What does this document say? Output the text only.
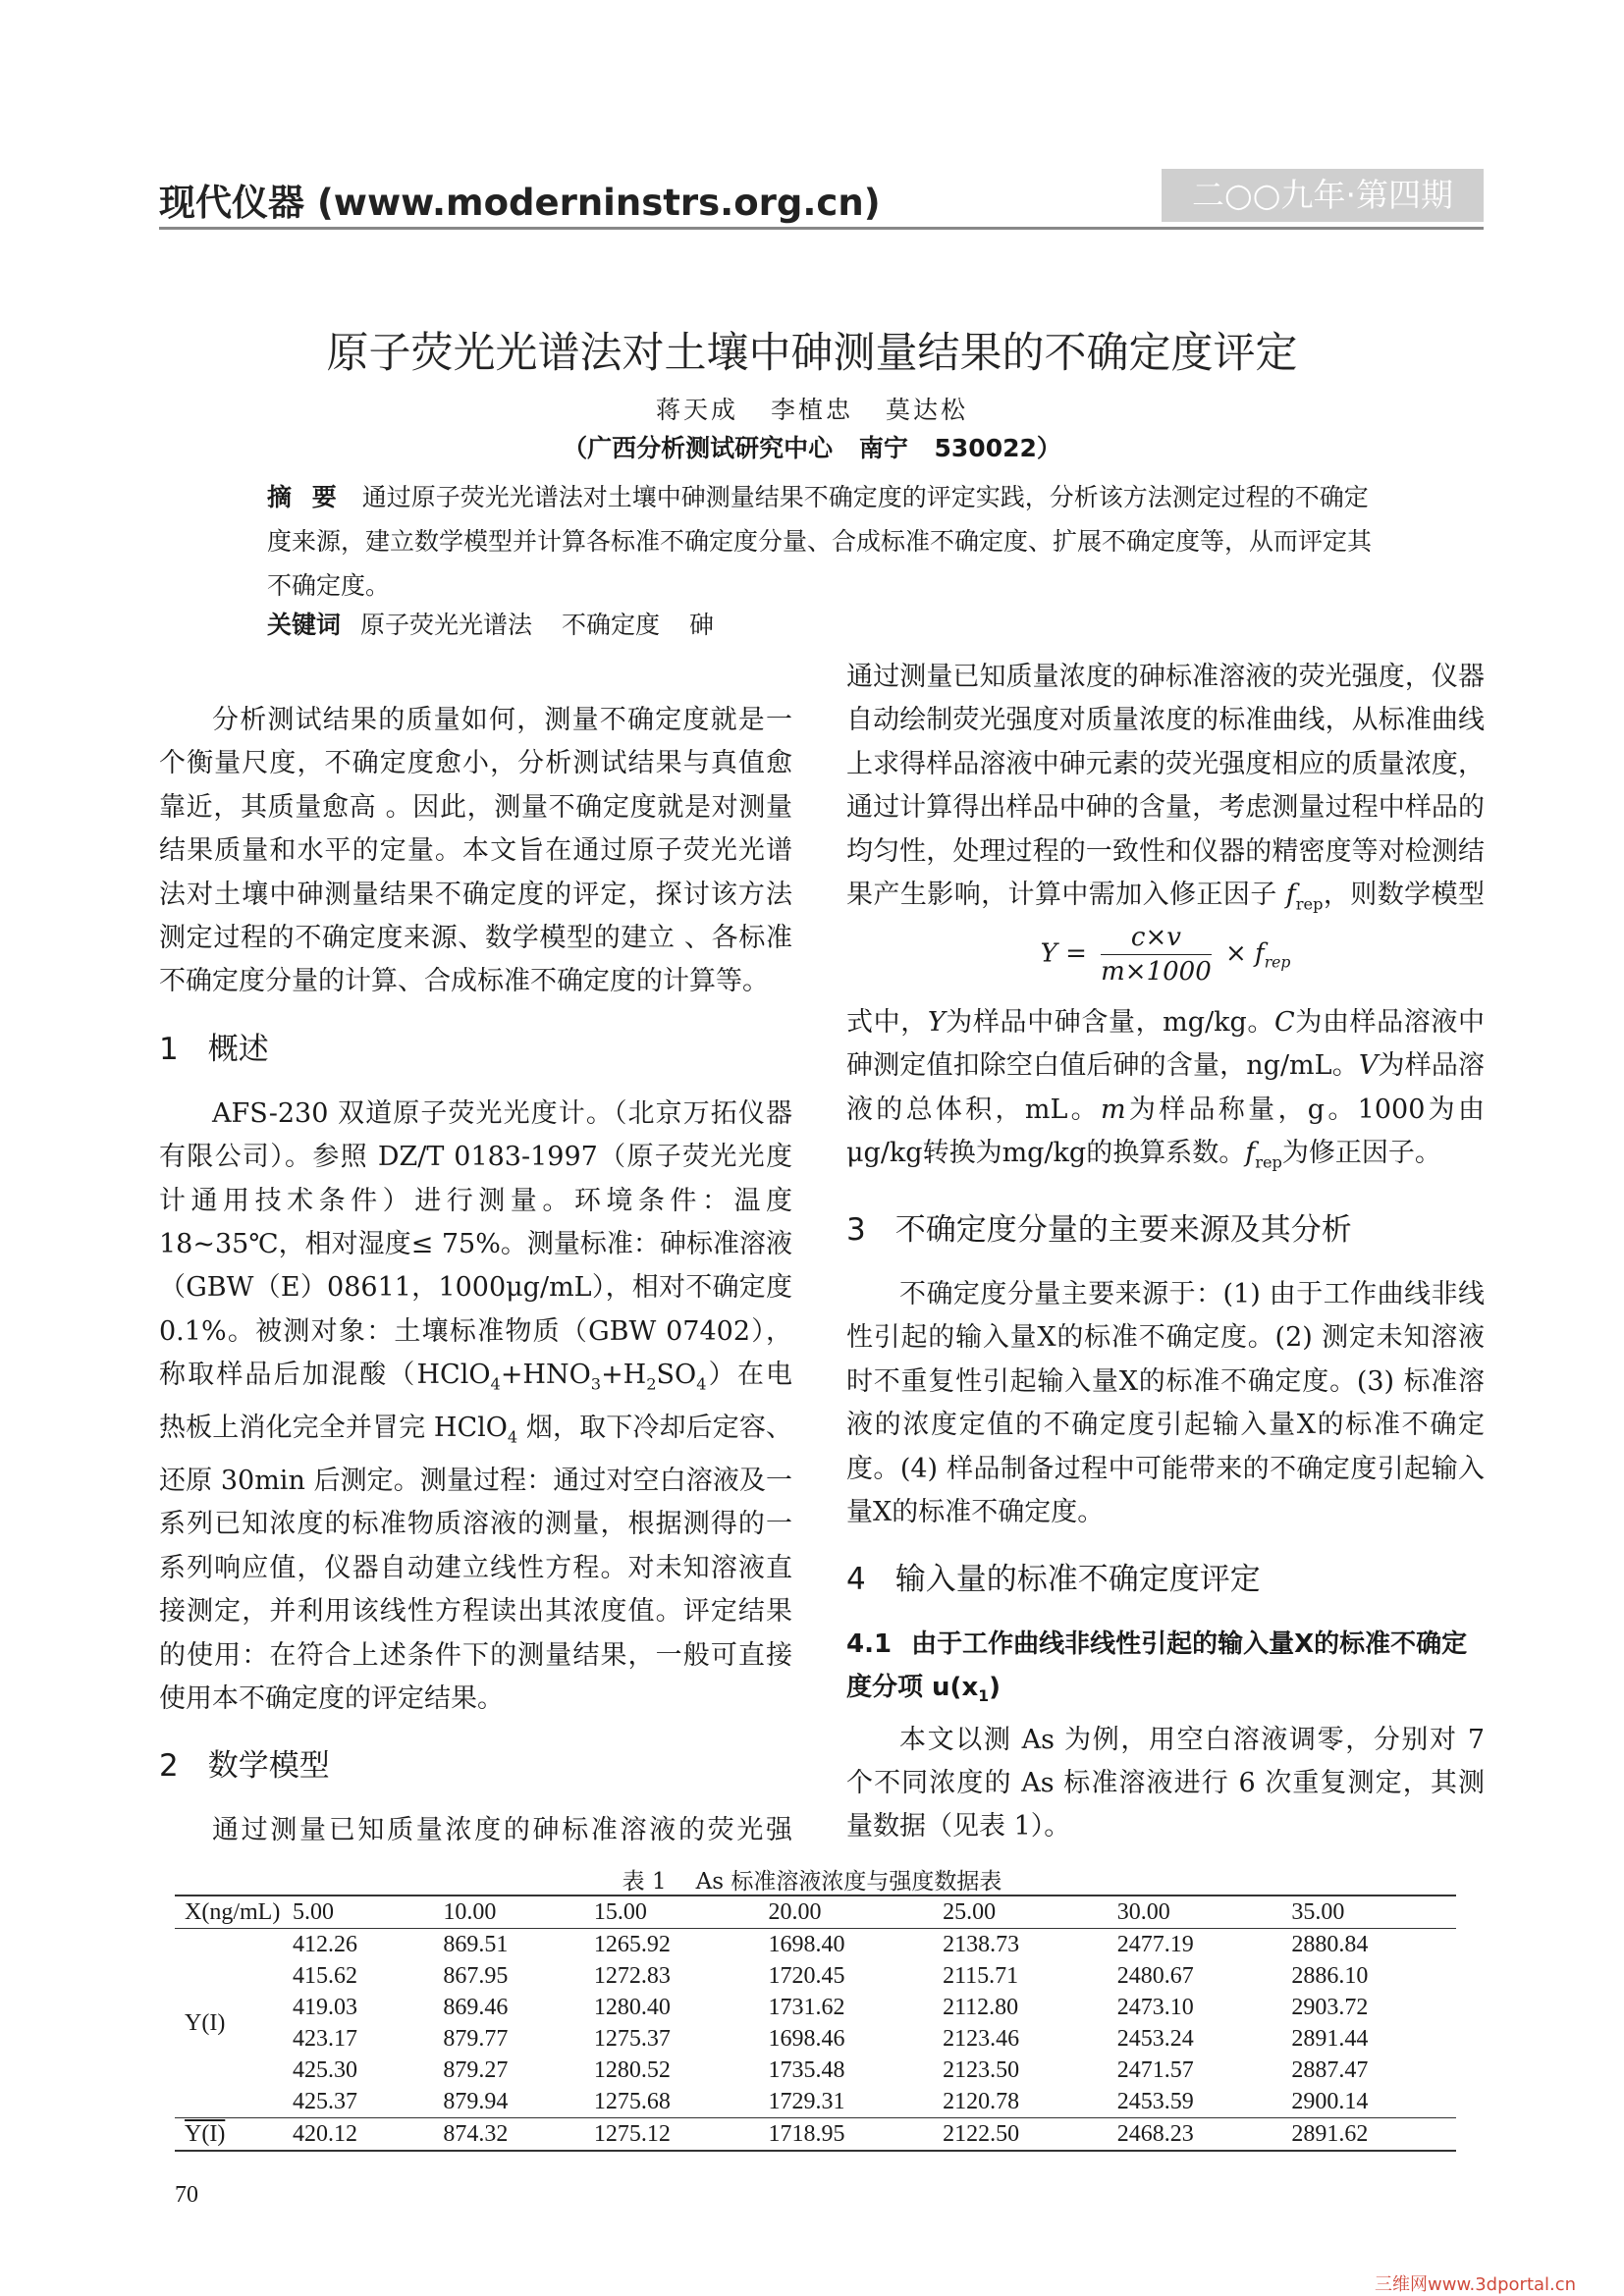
现代仪器 (www.moderninstrs.org.cn)	二○○九年·第四期
原子荧光光谱法对土壤中砷测量结果的不确定度评定
蒋天成 李植忠 莫达松
（广西分析测试研究中心 南宁 530022）
摘 要 通过原子荧光光谱法对土壤中砷测量结果不确定度的评定实践，分析该方法测定过程的不确定度来源，建立数学模型并计算各标准不确定度分量、合成标准不确定度、扩展不确定度等，从而评定其不确定度。
关键词 原子荧光光谱法 不确定度 砷

分析测试结果的质量如何，测量不确定度就是一个衡量尺度，不确定度愈小，分析测试结果与真值愈靠近，其质量愈高 。因此，测量不确定度就是对测量结果质量和水平的定量。本文旨在通过原子荧光光谱法对土壤中砷测量结果不确定度的评定，探讨该方法测定过程的不确定度来源、数学模型的建立 、各标准不确定度分量的计算、合成标准不确定度的计算等。

1 概述

AFS-230 双道原子荧光光度计。（北京万拓仪器有限公司）。参照 DZ/T 0183-1997（原子荧光光度计通用技术条件）进行测量。环境条件：温度 18~35℃，相对湿度≤ 75%。测量标准：砷标准溶液（GBW（E）08611，1000μg/mL），相对不确定度 0.1%。被测对象：土壤标准物质（GBW 07402），称取样品后加混酸$(HClO_4+HNO_3+H_2SO_4)$在电热板上消化完全并冒完 HClO$_4$ 烟，取下冷却后定容、还原 30min 后测定。测量过程：通过对空白溶液及一系列已知浓度的标准物质溶液的测量，根据测得的一系列响应值，仪器自动建立线性方程。对未知溶液直接测定，并利用该线性方程读出其浓度值。评定结果的使用：在符合上述条件下的测量结果，一般可直接使用本不确定度的评定结果。

2 数学模型

通过测量已知质量浓度的砷标准溶液的荧光强

通过测量已知质量浓度的砷标准溶液的荧光强度，仪器自动绘制荧光强度对质量浓度的标准曲线，从标准曲线上求得样品溶液中砷元素的荧光强度相应的质量浓度，通过计算得出样品中砷的含量，考虑测量过程中样品的均匀性，处理过程的一致性和仪器的精密度等对检测结果产生影响，计算中需加入修正因子 $f_{rep}$，则数学模型

$Y = \frac{c\times v}{m\times 1000} \times f_{rep}$

式中，Y为样品中砷含量，mg/kg。C为由样品溶液中砷测定值扣除空白值后砷的含量，ng/mL。V为样品溶液的总体积，mL。m为样品称量，g。1000为由μg/kg转换为mg/kg的换算系数。$f_{rep}$为修正因子。

3 不确定度分量的主要来源及其分析

不确定度分量主要来源于：(1) 由于工作曲线非线性引起的输入量X的标准不确定度。(2) 测定未知溶液时不重复性引起输入量X的标准不确定度。(3) 标准溶液的浓度定值的不确定度引起输入量X的标准不确定度。(4) 样品制备过程中可能带来的不确定度引起输入量X的标准不确定度。

4 输入量的标准不确定度评定
4.1 由于工作曲线非线性引起的输入量X的标准不确定度分项 $u(x_1)$

本文以测 As 为例，用空白溶液调零，分别对 7 个不同浓度的 As 标准溶液进行 6 次重复测定，其测量数据（见表 1）。

表 1 As 标准溶液浓度与强度数据表
X(ng/mL)	5.00	10.00	15.00	20.00	25.00	30.00	35.00
Y(I)	412.26	869.51	1265.92	1698.40	2138.73	2477.19	2880.84
	415.62	867.95	1272.83	1720.45	2115.71	2480.67	2886.10
	419.03	869.46	1280.40	1731.62	2112.80	2473.10	2903.72
	423.17	879.77	1275.37	1698.46	2123.46	2453.24	2891.44
	425.30	879.27	1280.52	1735.48	2123.50	2471.57	2887.47
	425.37	879.94	1275.68	1729.31	2120.78	2453.59	2900.14
Y(I)	420.12	874.32	1275.12	1718.95	2122.50	2468.23	2891.62
70
三维网www.3dportal.cn
